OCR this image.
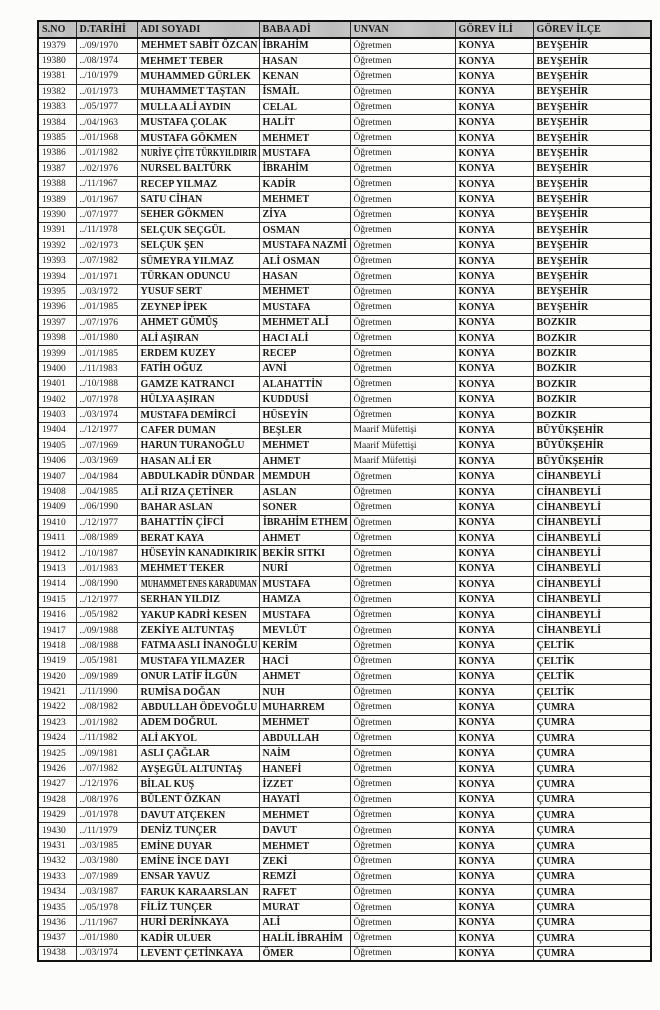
S.NO	D.TARİHİ	ADI SOYADI	BABA ADİ	UNVAN	GÖREV İLİ	GÖREV İLÇE
19379	../09/1970	MEHMET SABİT ÖZCAN	İBRAHİM	Öğretmen	KONYA	BEYŞEHİR
19380	../08/1974	MEHMET TEBER	HASAN	Öğretmen	KONYA	BEYŞEHİR
19381	../10/1979	MUHAMMED GÜRLEK	KENAN	Öğretmen	KONYA	BEYŞEHİR
19382	../01/1973	MUHAMMET TAŞTAN	İSMAİL	Öğretmen	KONYA	BEYŞEHİR
19383	../05/1977	MULLA ALİ AYDIN	CELAL	Öğretmen	KONYA	BEYŞEHİR
19384	../04/1963	MUSTAFA ÇOLAK	HALİT	Öğretmen	KONYA	BEYŞEHİR
19385	../01/1968	MUSTAFA GÖKMEN	MEHMET	Öğretmen	KONYA	BEYŞEHİR
19386	../01/1982	NURİYE ÇİTE TÜRKYILDIRIR	MUSTAFA	Öğretmen	KONYA	BEYŞEHİR
19387	../02/1976	NURSEL BALTÜRK	İBRAHİM	Öğretmen	KONYA	BEYŞEHİR
19388	../11/1967	RECEP YILMAZ	KADİR	Öğretmen	KONYA	BEYŞEHİR
19389	../01/1967	SATU CİHAN	MEHMET	Öğretmen	KONYA	BEYŞEHİR
19390	../07/1977	SEHER GÖKMEN	ZİYA	Öğretmen	KONYA	BEYŞEHİR
19391	../11/1978	SELÇUK SEÇGÜL	OSMAN	Öğretmen	KONYA	BEYŞEHİR
19392	../02/1973	SELÇUK ŞEN	MUSTAFA NAZMİ	Öğretmen	KONYA	BEYŞEHİR
19393	../07/1982	SÜMEYRA YILMAZ	ALİ OSMAN	Öğretmen	KONYA	BEYŞEHİR
19394	../01/1971	TÜRKAN ODUNCU	HASAN	Öğretmen	KONYA	BEYŞEHİR
19395	../03/1972	YUSUF SERT	MEHMET	Öğretmen	KONYA	BEYŞEHİR
19396	../01/1985	ZEYNEP İPEK	MUSTAFA	Öğretmen	KONYA	BEYŞEHİR
19397	../07/1976	AHMET GÜMÜŞ	MEHMET ALİ	Öğretmen	KONYA	BOZKIR
19398	../01/1980	ALİ AŞIRAN	HACI ALİ	Öğretmen	KONYA	BOZKIR
19399	../01/1985	ERDEM KUZEY	RECEP	Öğretmen	KONYA	BOZKIR
19400	../11/1983	FATİH OĞUZ	AVNİ	Öğretmen	KONYA	BOZKIR
19401	../10/1988	GAMZE KATRANCI	ALAHATTİN	Öğretmen	KONYA	BOZKIR
19402	../07/1978	HÜLYA AŞIRAN	KUDDUSİ	Öğretmen	KONYA	BOZKIR
19403	../03/1974	MUSTAFA DEMİRCİ	HÜSEYİN	Öğretmen	KONYA	BOZKIR
19404	../12/1977	CAFER DUMAN	BEŞLER	Maarif Müfettişi	KONYA	BÜYÜKŞEHİR
19405	../07/1969	HARUN TURANOĞLU	MEHMET	Maarif Müfettişi	KONYA	BÜYÜKŞEHİR
19406	../03/1969	HASAN ALİ ER	AHMET	Maarif Müfettişi	KONYA	BÜYÜKŞEHİR
19407	../04/1984	ABDULKADİR DÜNDAR	MEMDUH	Öğretmen	KONYA	CİHANBEYLİ
19408	../04/1985	ALİ RIZA ÇETİNER	ASLAN	Öğretmen	KONYA	CİHANBEYLİ
19409	../06/1990	BAHAR ASLAN	SONER	Öğretmen	KONYA	CİHANBEYLİ
19410	../12/1977	BAHATTİN ÇİFCİ	İBRAHİM ETHEM	Öğretmen	KONYA	CİHANBEYLİ
19411	../08/1989	BERAT KAYA	AHMET	Öğretmen	KONYA	CİHANBEYLİ
19412	../10/1987	HÜSEYİN KANADIKIRIK	BEKİR SITKI	Öğretmen	KONYA	CİHANBEYLİ
19413	../01/1983	MEHMET TEKER	NURİ	Öğretmen	KONYA	CİHANBEYLİ
19414	../08/1990	MUHAMMET ENES KARADUMAN	MUSTAFA	Öğretmen	KONYA	CİHANBEYLİ
19415	../12/1977	SERHAN YILDIZ	HAMZA	Öğretmen	KONYA	CİHANBEYLİ
19416	../05/1982	YAKUP KADRİ KESEN	MUSTAFA	Öğretmen	KONYA	CİHANBEYLİ
19417	../09/1988	ZEKİYE ALTUNTAŞ	MEVLÜT	Öğretmen	KONYA	CİHANBEYLİ
19418	../08/1988	FATMA ASLI İNANOĞLU	KERİM	Öğretmen	KONYA	ÇELTİK
19419	../05/1981	MUSTAFA YILMAZER	HACİ	Öğretmen	KONYA	ÇELTİK
19420	../09/1989	ONUR LATİF İLGÜN	AHMET	Öğretmen	KONYA	ÇELTİK
19421	../11/1990	RUMİSA DOĞAN	NUH	Öğretmen	KONYA	ÇELTİK
19422	../08/1982	ABDULLAH ÖDEVOĞLU	MUHARREM	Öğretmen	KONYA	ÇUMRA
19423	../01/1982	ADEM DOĞRUL	MEHMET	Öğretmen	KONYA	ÇUMRA
19424	../11/1982	ALİ AKYOL	ABDULLAH	Öğretmen	KONYA	ÇUMRA
19425	../09/1981	ASLI ÇAĞLAR	NAİM	Öğretmen	KONYA	ÇUMRA
19426	../07/1982	AYŞEGÜL ALTUNTAŞ	HANEFİ	Öğretmen	KONYA	ÇUMRA
19427	../12/1976	BİLAL KUŞ	İZZET	Öğretmen	KONYA	ÇUMRA
19428	../08/1976	BÜLENT ÖZKAN	HAYATİ	Öğretmen	KONYA	ÇUMRA
19429	../01/1978	DAVUT ATÇEKEN	MEHMET	Öğretmen	KONYA	ÇUMRA
19430	../11/1979	DENİZ TUNÇER	DAVUT	Öğretmen	KONYA	ÇUMRA
19431	../03/1985	EMİNE DUYAR	MEHMET	Öğretmen	KONYA	ÇUMRA
19432	../03/1980	EMİNE İNCE DAYI	ZEKİ	Öğretmen	KONYA	ÇUMRA
19433	../07/1989	ENSAR YAVUZ	REMZİ	Öğretmen	KONYA	ÇUMRA
19434	../03/1987	FARUK KARAARSLAN	RAFET	Öğretmen	KONYA	ÇUMRA
19435	../05/1978	FİLİZ TUNÇER	MURAT	Öğretmen	KONYA	ÇUMRA
19436	../11/1967	HURİ DERİNKAYA	ALİ	Öğretmen	KONYA	ÇUMRA
19437	../01/1980	KADİR ULUER	HALİL İBRAHİM	Öğretmen	KONYA	ÇUMRA
19438	../03/1974	LEVENT ÇETİNKAYA	ÖMER	Öğretmen	KONYA	ÇUMRA
